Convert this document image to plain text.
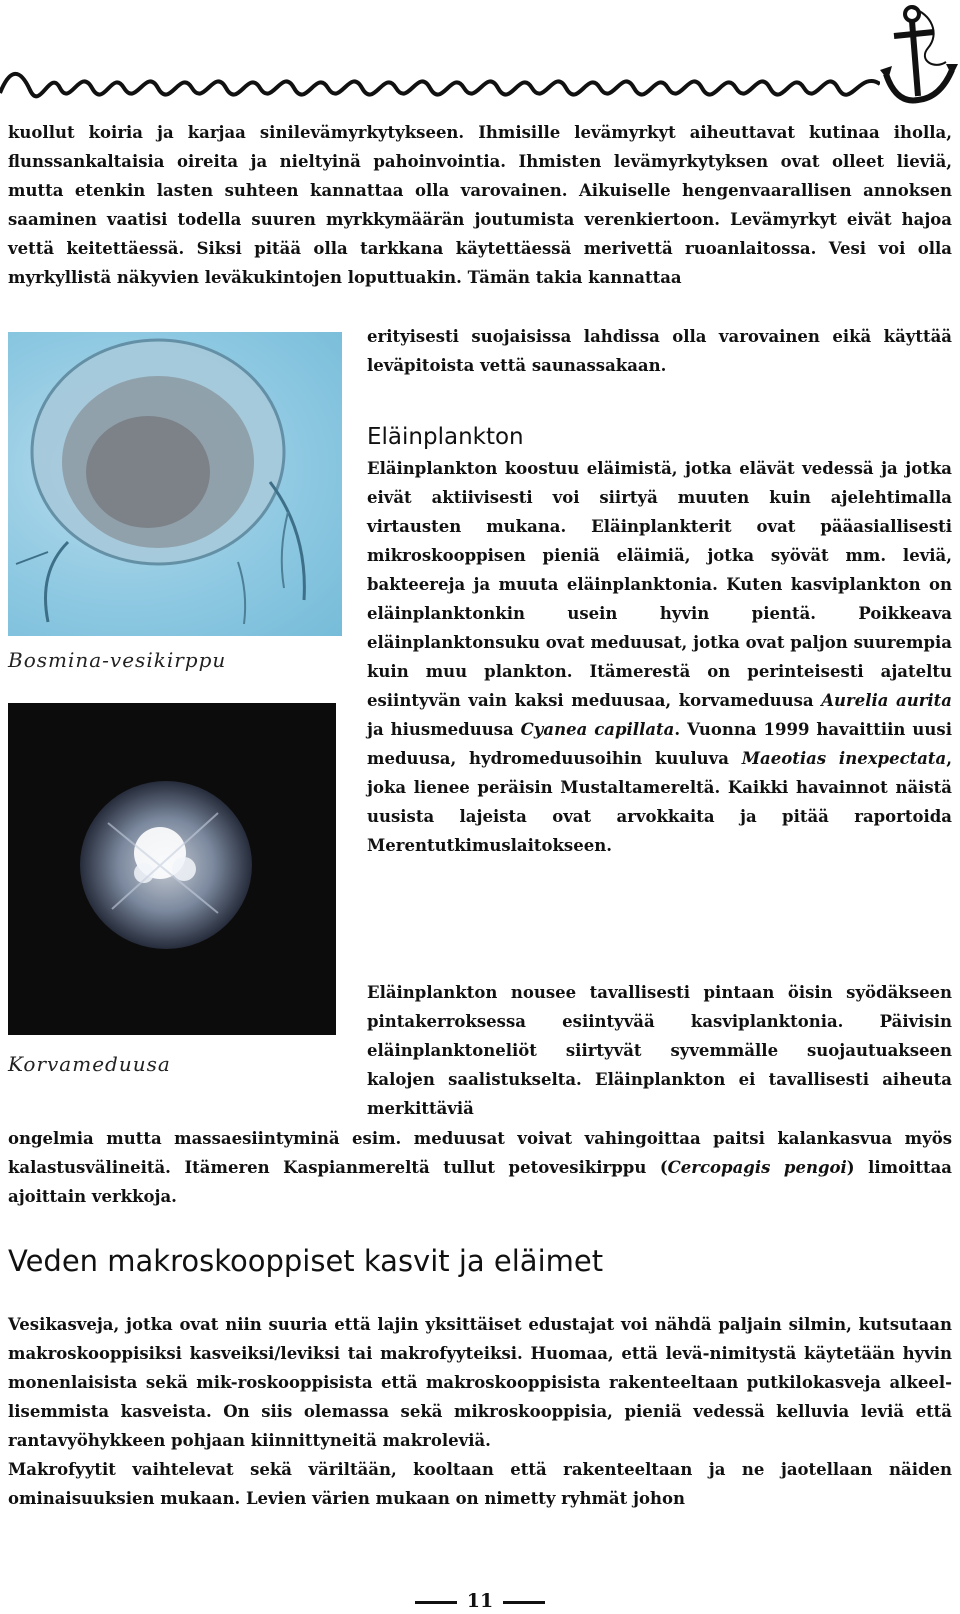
kuollut koiria ja karjaa sinilevämyrkytykseen. Ihmisille levämyrkyt aiheuttavat kutinaa iholla, flunssankaltaisia oireita ja nieltyinä pahoinvointia. Ihmisten levämyrkytyksen ovat olleet lieviä, mutta etenkin lasten suhteen kannattaa olla varovainen. Aikuiselle hengenvaarallisen annoksen saaminen vaatisi todella suuren myrkkymäärän joutumista verenkiertoon. Levämyrkyt eivät hajoa vettä keitettäessä. Siksi pitää olla tarkkana käytettäessä merivettä ruoanlaitossa. Vesi voi olla myrkyllistä näkyvien leväkukintojen loputtuakin. Tämän takia kannattaa

erityisesti suojaisissa lahdissa olla varovainen eikä käyttää leväpitoista vettä saunassakaan.

Bosmina-vesikirppu

Korvameduusa

Eläinplankton

Eläinplankton koostuu eläimistä, jotka elävät vedessä ja jotka eivät aktiivisesti voi siirtyä muuten kuin ajelehtimalla virtausten mukana. Eläinplankterit ovat pääasiallisesti mikroskooppisen pieniä eläimiä, jotka syövät mm. leviä, bakteereja ja muuta eläinplanktonia. Kuten kasviplankton on eläinplanktonkin usein hyvin pientä. Poikkeava eläinplanktonsuku ovat meduusat, jotka ovat paljon suurempia kuin muu plankton. Itämerestä on perinteisesti ajateltu esiintyvän vain kaksi meduusaa, korvameduusa Aurelia aurita ja hiusmeduusa Cyanea capillata. Vuonna 1999 havaittiin uusi meduusa, hydromeduusoihin kuuluva Maeotias inexpectata, joka lienee peräisin Mustaltamereltä. Kaikki havainnot näistä uusista lajeista ovat arvokkaita ja pitää raportoida Merentutkimuslaitokseen.

Eläinplankton nousee tavallisesti pintaan öisin syödäkseen pintakerroksessa esiintyvää kasviplanktonia. Päivisin eläinplanktoneliöt siirtyvät syvemmälle suojautuakseen kalojen saalistukselta. Eläinplankton ei tavallisesti aiheuta merkittäviä

ongelmia mutta massaesiintyminä esim. meduusat voivat vahingoittaa paitsi kalankasvua myös kalastusvälineitä. Itämeren Kaspianmereltä tullut petovesikirppu (Cercopagis pengoi) limoittaa ajoittain verkkoja.

Veden makroskooppiset kasvit ja eläimet

Vesikasveja, jotka ovat niin suuria että lajin yksittäiset edustajat voi nähdä paljain silmin, kutsutaan makroskooppisiksi kasveiksi/leviksi tai makrofyyteiksi. Huomaa, että levä-nimitystä käytetään hyvin monenlaisista sekä mik-roskooppisista että makroskooppisista rakenteeltaan putkilokasveja alkeel-lisemmista kasveista. On siis olemassa sekä mikroskooppisia, pieniä vedessä kelluvia leviä että rantavyöhykkeen pohjaan kiinnittyneitä makroleviä.

Makrofyytit vaihtelevat sekä väriltään, kooltaan että rakenteeltaan ja ne jaotellaan näiden ominaisuuksien mukaan. Levien värien mukaan on nimetty ryhmät johon

11
